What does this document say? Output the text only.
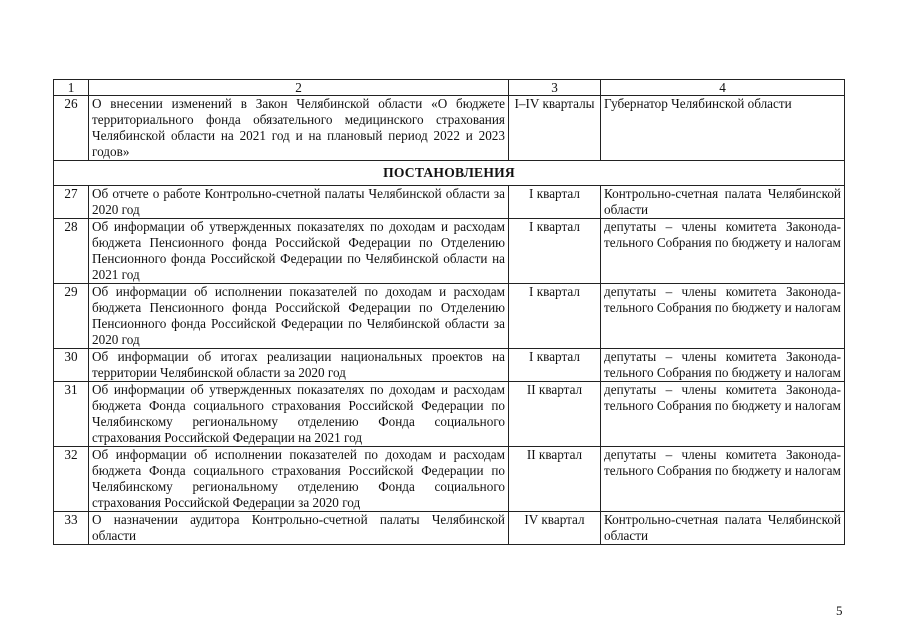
1	2	3	4
26	О внесении изменений в Закон Челябинской области «О бюджете территориального фонда обязательного медицинского страхования Челябинской области на 2021 год и на плановый период 2022 и 2023 годов»	I–IV кварталы	Губернатор Челябинской области
ПОСТАНОВЛЕНИЯ			
27	Об отчете о работе Контрольно-счетной палаты Челябинской области за 2020 год	I квартал	Контрольно-счетная палата Челябинской области
28	Об информации об утвержденных показателях по доходам и расходам бюджета Пенсионного фонда Российской Федерации по Отделению Пенсионного фонда Российской Федерации по Челябинской области на 2021 год	I квартал	депутаты – члены комитета Законодательного Собрания по бюджету и налогам
29	Об информации об исполнении показателей по доходам и расходам бюджета Пенсионного фонда Российской Федерации по Отделению Пенсионного фонда Российской Федерации по Челябинской области за 2020 год	I квартал	депутаты – члены комитета Законодательного Собрания по бюджету и налогам
30	Об информации об итогах реализации национальных проектов на территории Челябинской области за 2020 год	I квартал	депутаты – члены комитета Законодательного Собрания по бюджету и налогам
31	Об информации об утвержденных показателях по доходам и расходам бюджета Фонда социального страхования Российской Федерации по Челябинскому региональному отделению Фонда социального страхования Российской Федерации на 2021 год	II квартал	депутаты – члены комитета Законодательного Собрания по бюджету и налогам
32	Об информации об исполнении показателей по доходам и расходам бюджета Фонда социального страхования Российской Федерации по Челябинскому региональному отделению Фонда социального страхования Российской Федерации за 2020 год	II квартал	депутаты – члены комитета Законодательного Собрания по бюджету и налогам
33	О назначении аудитора Контрольно-счетной палаты Челябинской области	IV квартал	Контрольно-счетная палата Челябинской области
5
